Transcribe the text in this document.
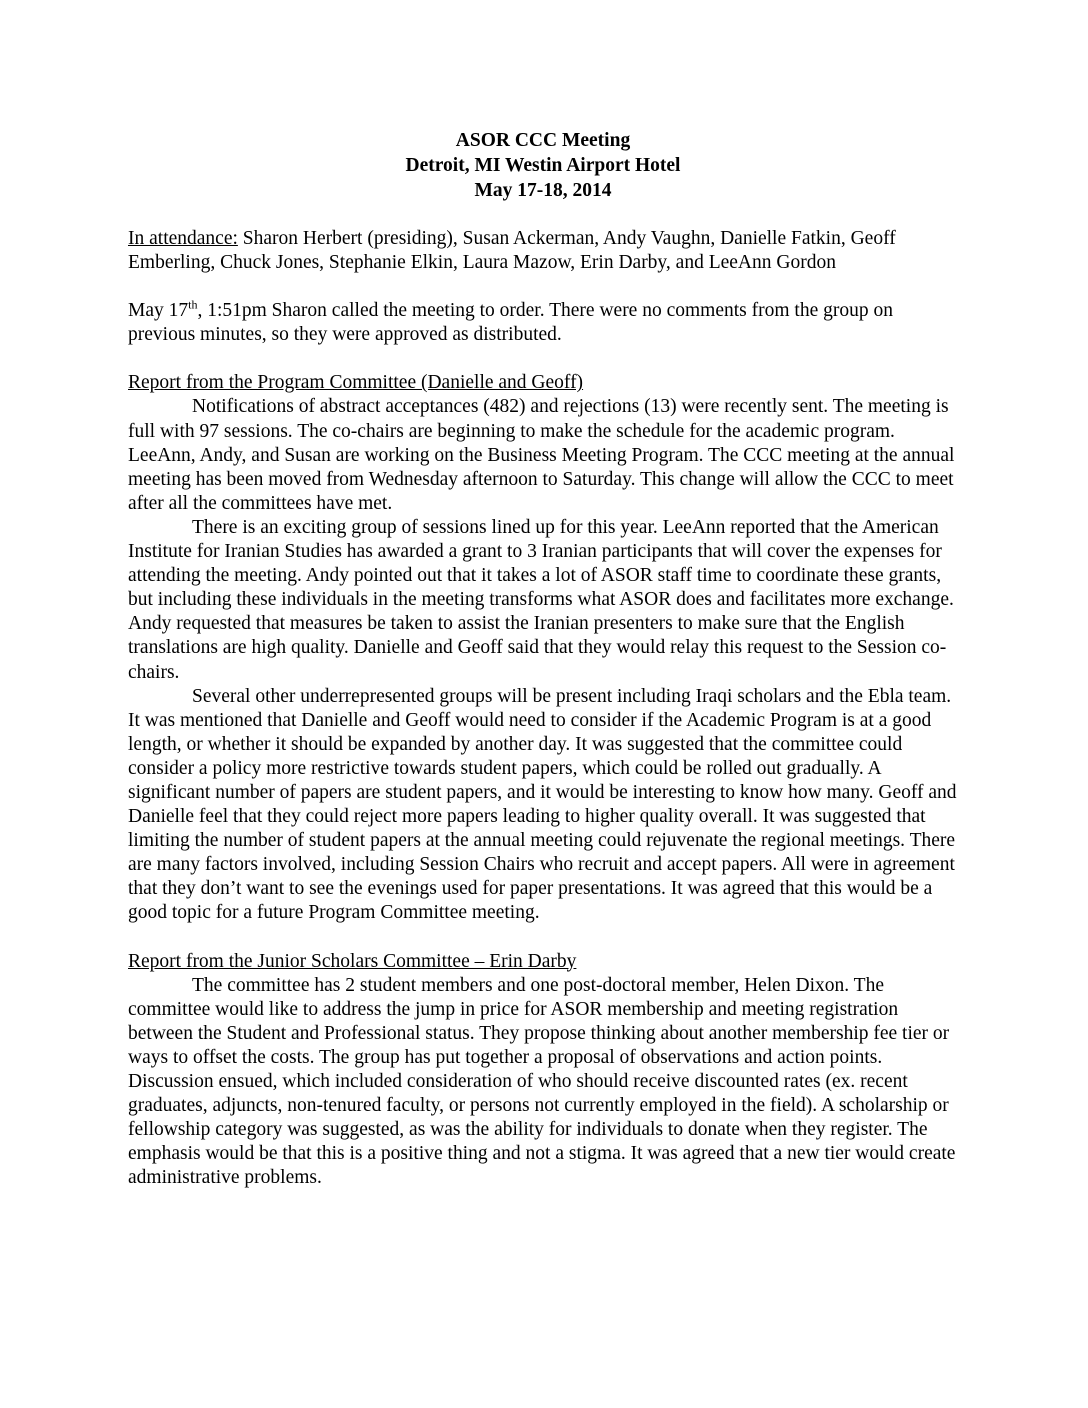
ASOR CCC Meeting
Detroit, MI Westin Airport Hotel
May 17-18, 2014

In attendance: Sharon Herbert (presiding), Susan Ackerman, Andy Vaughn, Danielle Fatkin, Geoff Emberling, Chuck Jones, Stephanie Elkin, Laura Mazow, Erin Darby, and LeeAnn Gordon

May 17th, 1:51pm Sharon called the meeting to order. There were no comments from the group on previous minutes, so they were approved as distributed.

Report from the Program Committee (Danielle and Geoff)

Notifications of abstract acceptances (482) and rejections (13) were recently sent. The meeting is full with 97 sessions. The co-chairs are beginning to make the schedule for the academic program. LeeAnn, Andy, and Susan are working on the Business Meeting Program. The CCC meeting at the annual meeting has been moved from Wednesday afternoon to Saturday. This change will allow the CCC to meet after all the committees have met.

There is an exciting group of sessions lined up for this year. LeeAnn reported that the American Institute for Iranian Studies has awarded a grant to 3 Iranian participants that will cover the expenses for attending the meeting. Andy pointed out that it takes a lot of ASOR staff time to coordinate these grants, but including these individuals in the meeting transforms what ASOR does and facilitates more exchange. Andy requested that measures be taken to assist the Iranian presenters to make sure that the English translations are high quality. Danielle and Geoff said that they would relay this request to the Session co-chairs.

Several other underrepresented groups will be present including Iraqi scholars and the Ebla team. It was mentioned that Danielle and Geoff would need to consider if the Academic Program is at a good length, or whether it should be expanded by another day. It was suggested that the committee could consider a policy more restrictive towards student papers, which could be rolled out gradually. A significant number of papers are student papers, and it would be interesting to know how many. Geoff and Danielle feel that they could reject more papers leading to higher quality overall. It was suggested that limiting the number of student papers at the annual meeting could rejuvenate the regional meetings. There are many factors involved, including Session Chairs who recruit and accept papers. All were in agreement that they don’t want to see the evenings used for paper presentations. It was agreed that this would be a good topic for a future Program Committee meeting.

Report from the Junior Scholars Committee – Erin Darby

The committee has 2 student members and one post-doctoral member, Helen Dixon. The committee would like to address the jump in price for ASOR membership and meeting registration between the Student and Professional status. They propose thinking about another membership fee tier or ways to offset the costs. The group has put together a proposal of observations and action points. Discussion ensued, which included consideration of who should receive discounted rates (ex. recent graduates, adjuncts, non-tenured faculty, or persons not currently employed in the field). A scholarship or fellowship category was suggested, as was the ability for individuals to donate when they register. The emphasis would be that this is a positive thing and not a stigma. It was agreed that a new tier would create administrative problems.
